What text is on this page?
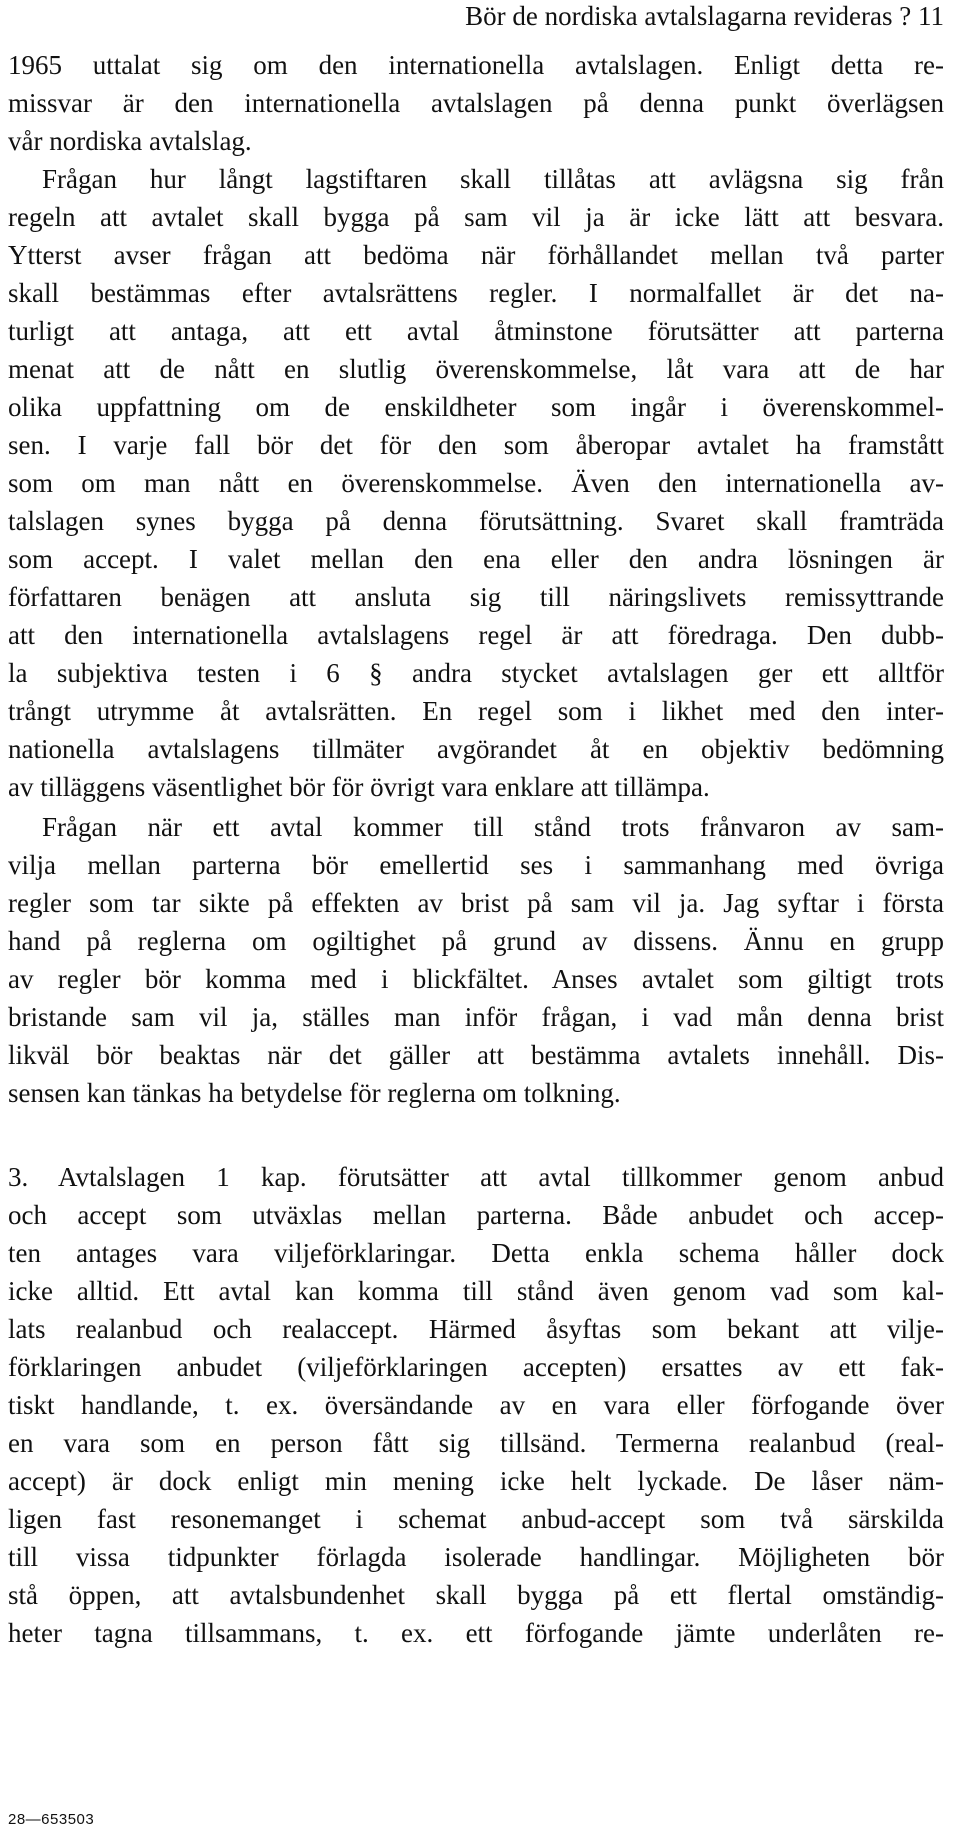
Bör de nordiska avtalslagarna revideras ? 11
1965 uttalat sig om den internationella avtalslagen. Enligt detta re-
missvar är den internationella avtalslagen på denna punkt överlägsen
vår nordiska avtalslag.
Frågan hur långt lagstiftaren skall tillåtas att avlägsna sig från
regeln att avtalet skall bygga på sam vil ja är icke lätt att besvara.
Ytterst avser frågan att bedöma när förhållandet mellan två parter
skall bestämmas efter avtalsrättens regler. I normalfallet är det na-
turligt att antaga, att ett avtal åtminstone förutsätter att parterna
menat att de nått en slutlig överenskommelse, låt vara att de har
olika uppfattning om de enskildheter som ingår i överenskommel-
sen. I varje fall bör det för den som åberopar avtalet ha framstått
som om man nått en överenskommelse. Även den internationella av-
talslagen synes bygga på denna förutsättning. Svaret skall framträda
som accept. I valet mellan den ena eller den andra lösningen är
författaren benägen att ansluta sig till näringslivets remissyttrande
att den internationella avtalslagens regel är att föredraga. Den dubb-
la subjektiva testen i 6 § andra stycket avtalslagen ger ett alltför
trångt utrymme åt avtalsrätten. En regel som i likhet med den inter-
nationella avtalslagens tillmäter avgörandet åt en objektiv bedömning
av tilläggens väsentlighet bör för övrigt vara enklare att tillämpa.
Frågan när ett avtal kommer till stånd trots frånvaron av sam-
vilja mellan parterna bör emellertid ses i sammanhang med övriga
regler som tar sikte på effekten av brist på sam vil ja. Jag syftar i första
hand på reglerna om ogiltighet på grund av dissens. Ännu en grupp
av regler bör komma med i blickfältet. Anses avtalet som giltigt trots
bristande sam vil ja, ställes man inför frågan, i vad mån denna brist
likväl bör beaktas när det gäller att bestämma avtalets innehåll. Dis-
sensen kan tänkas ha betydelse för reglerna om tolkning.
3. Avtalslagen 1 kap. förutsätter att avtal tillkommer genom anbud
och accept som utväxlas mellan parterna. Både anbudet och accep-
ten antages vara viljeförklaringar. Detta enkla schema håller dock
icke alltid. Ett avtal kan komma till stånd även genom vad som kal-
lats realanbud och realaccept. Härmed åsyftas som bekant att vilje-
förklaringen anbudet (viljeförklaringen accepten) ersattes av ett fak-
tiskt handlande, t. ex. översändande av en vara eller förfogande över
en vara som en person fått sig tillsänd. Termerna realanbud (real-
accept) är dock enligt min mening icke helt lyckade. De låser näm-
ligen fast resonemanget i schemat anbud-accept som två särskilda
till vissa tidpunkter förlagda isolerade handlingar. Möjligheten bör
stå öppen, att avtalsbundenhet skall bygga på ett flertal omständig-
heter tagna tillsammans, t. ex. ett förfogande jämte underlåten re-
28—653503
